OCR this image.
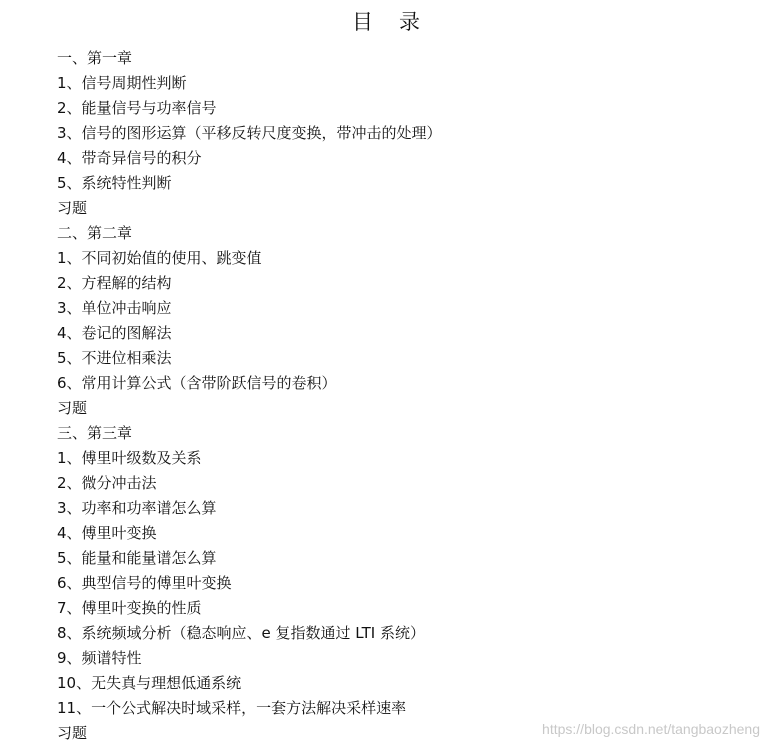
目 录
一、第一章
1、信号周期性判断
2、能量信号与功率信号
3、信号的图形运算（平移反转尺度变换，带冲击的处理）
4、带奇异信号的积分
5、系统特性判断
习题
二、第二章
1、不同初始值的使用、跳变值
2、方程解的结构
3、单位冲击响应
4、卷记的图解法
5、不进位相乘法
6、常用计算公式（含带阶跃信号的卷积）
习题
三、第三章
1、傅里叶级数及关系
2、微分冲击法
3、功率和功率谱怎么算
4、傅里叶变换
5、能量和能量谱怎么算
6、典型信号的傅里叶变换
7、傅里叶变换的性质
8、系统频域分析（稳态响应、e 复指数通过 LTI 系统）
9、频谱特性
10、无失真与理想低通系统
11、一个公式解决时域采样，一套方法解决采样速率
习题	https://blog.csdn.net/tangbaozheng
